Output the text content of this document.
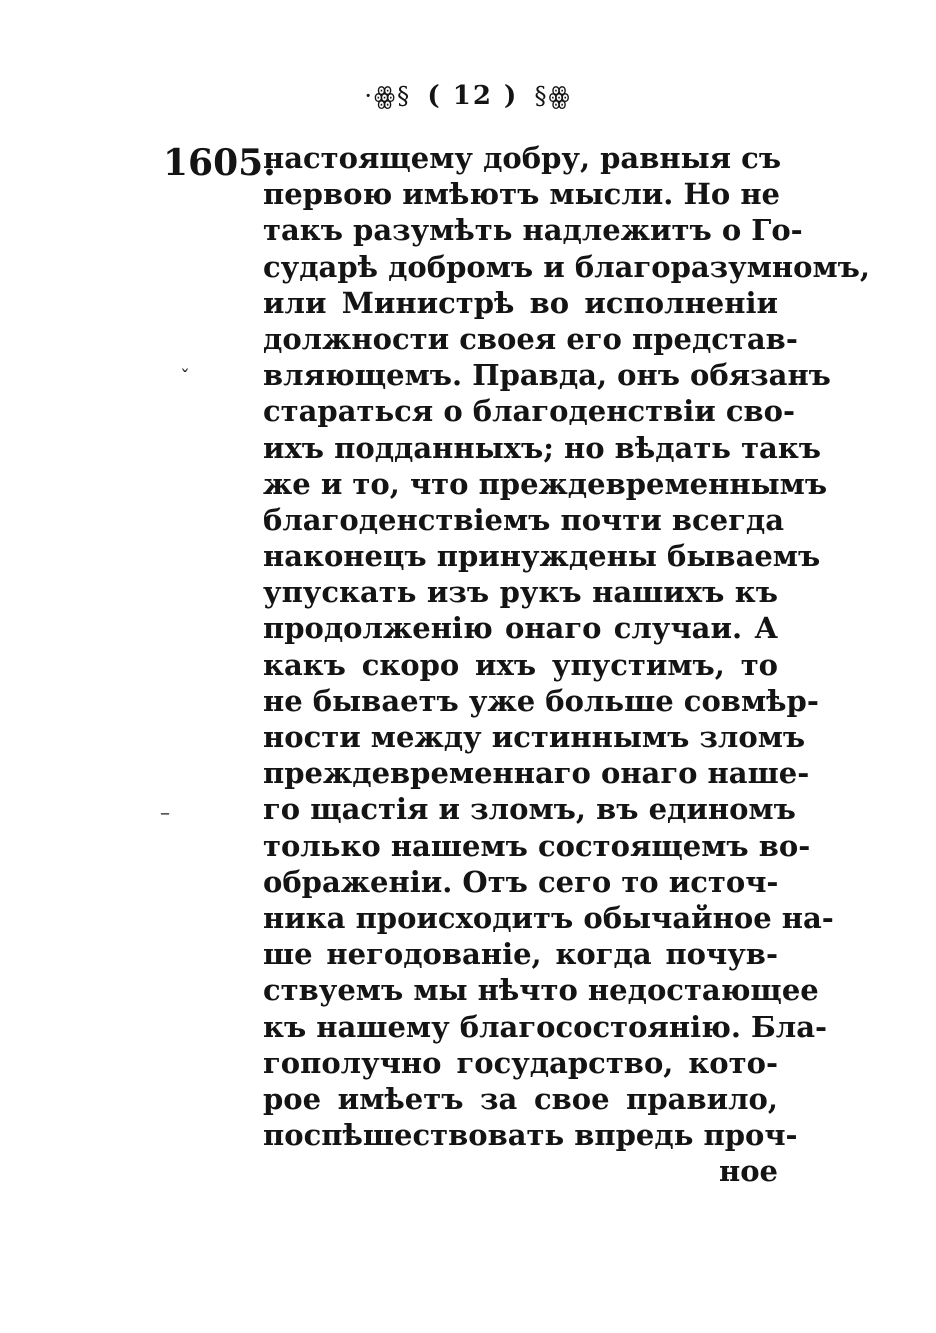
·ꙮ§ ( 12 ) §ꙮ
1605.
ˇ
–
настоящему добру, равныя съ
первою имѣютъ мысли. Но не
такъ разумѣть надлежитъ о Го-
сударѣ добромъ и благоразумномъ,
или Министрѣ во исполненіи
должности своея его представ-
вляющемъ. Правда, онъ обязанъ
стараться о благоденствіи сво-
ихъ подданныхъ; но вѣдать такъ
же и то, что преждевременнымъ
благоденствіемъ почти всегда
наконецъ принуждены бываемъ
упускать изъ рукъ нашихъ къ
продолженію онаго случаи. А
какъ скоро ихъ упустимъ, то
не бываетъ уже больше совмѣр-
ности между истиннымъ зломъ
преждевременнаго онаго наше-
го щастія и зломъ, въ единомъ
только нашемъ состоящемъ во-
ображеніи. Отъ сего то источ-
ника происходитъ обычайное на-
ше негодованіе, когда почув-
ствуемъ мы нѣчто недостающее
къ нашему благосостоянію. Бла-
гополучно государство, кото-
рое имѣетъ за свое правило,
поспѣшествовать впредь проч-
ное
